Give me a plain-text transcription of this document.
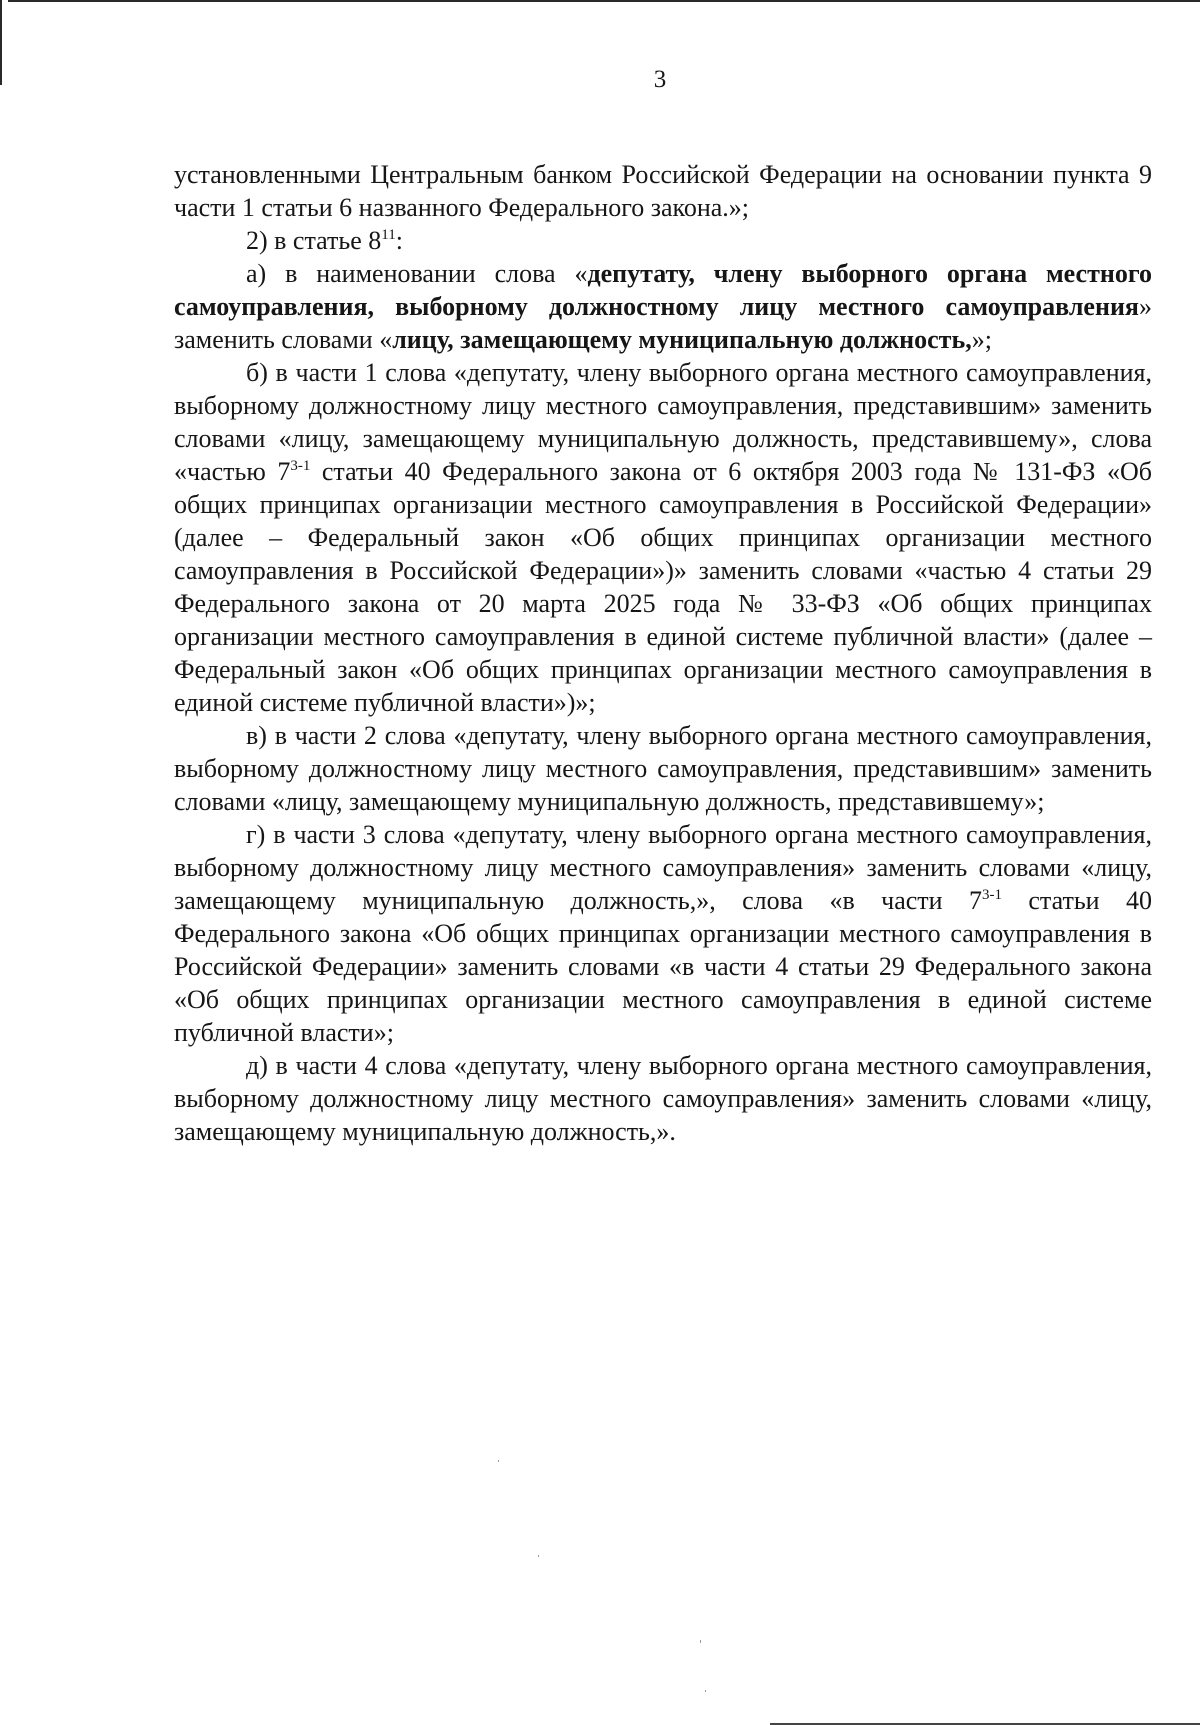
3

установленными Центральным банком Российской Федерации на основании пункта 9 части 1 статьи 6 названного Федерального закона.»;

2) в статье $8^{11}$:

а) в наименовании слова «депутату, члену выборного органа местного самоуправления, выборному должностному лицу местного самоуправления» заменить словами «лицу, замещающему муниципальную должность,»;

б) в части 1 слова «депутату, члену выборного органа местного самоуправления, выборному должностному лицу местного самоуправления, представившим» заменить словами «лицу, замещающему муниципальную должность, представившему», слова «частью 7$^{3-1}$ статьи 40 Федерального закона от 6 октября 2003 года № 131-ФЗ «Об общих принципах организации местного самоуправления в Российской Федерации» (далее – Федеральный закон «Об общих принципах организации местного самоуправления в Российской Федерации»)» заменить словами «частью 4 статьи 29 Федерального закона от 20 марта 2025 года № 33-ФЗ «Об общих принципах организации местного самоуправления в единой системе публичной власти» (далее – Федеральный закон «Об общих принципах организации местного самоуправления в единой системе публичной власти»)»;

в) в части 2 слова «депутату, члену выборного органа местного самоуправления, выборному должностному лицу местного самоуправления, представившим» заменить словами «лицу, замещающему муниципальную должность, представившему»;

г) в части 3 слова «депутату, члену выборного органа местного самоуправления, выборному должностному лицу местного самоуправления» заменить словами «лицу, замещающему муниципальную должность,», слова «в части 7$^{3-1}$ статьи 40 Федерального закона «Об общих принципах организации местного самоуправления в Российской Федерации» заменить словами «в части 4 статьи 29 Федерального закона «Об общих принципах организации местного самоуправления в единой системе публичной власти»;

д) в части 4 слова «депутату, члену выборного органа местного самоуправления, выборному должностному лицу местного самоуправления» заменить словами «лицу, замещающему муниципальную должность,».
